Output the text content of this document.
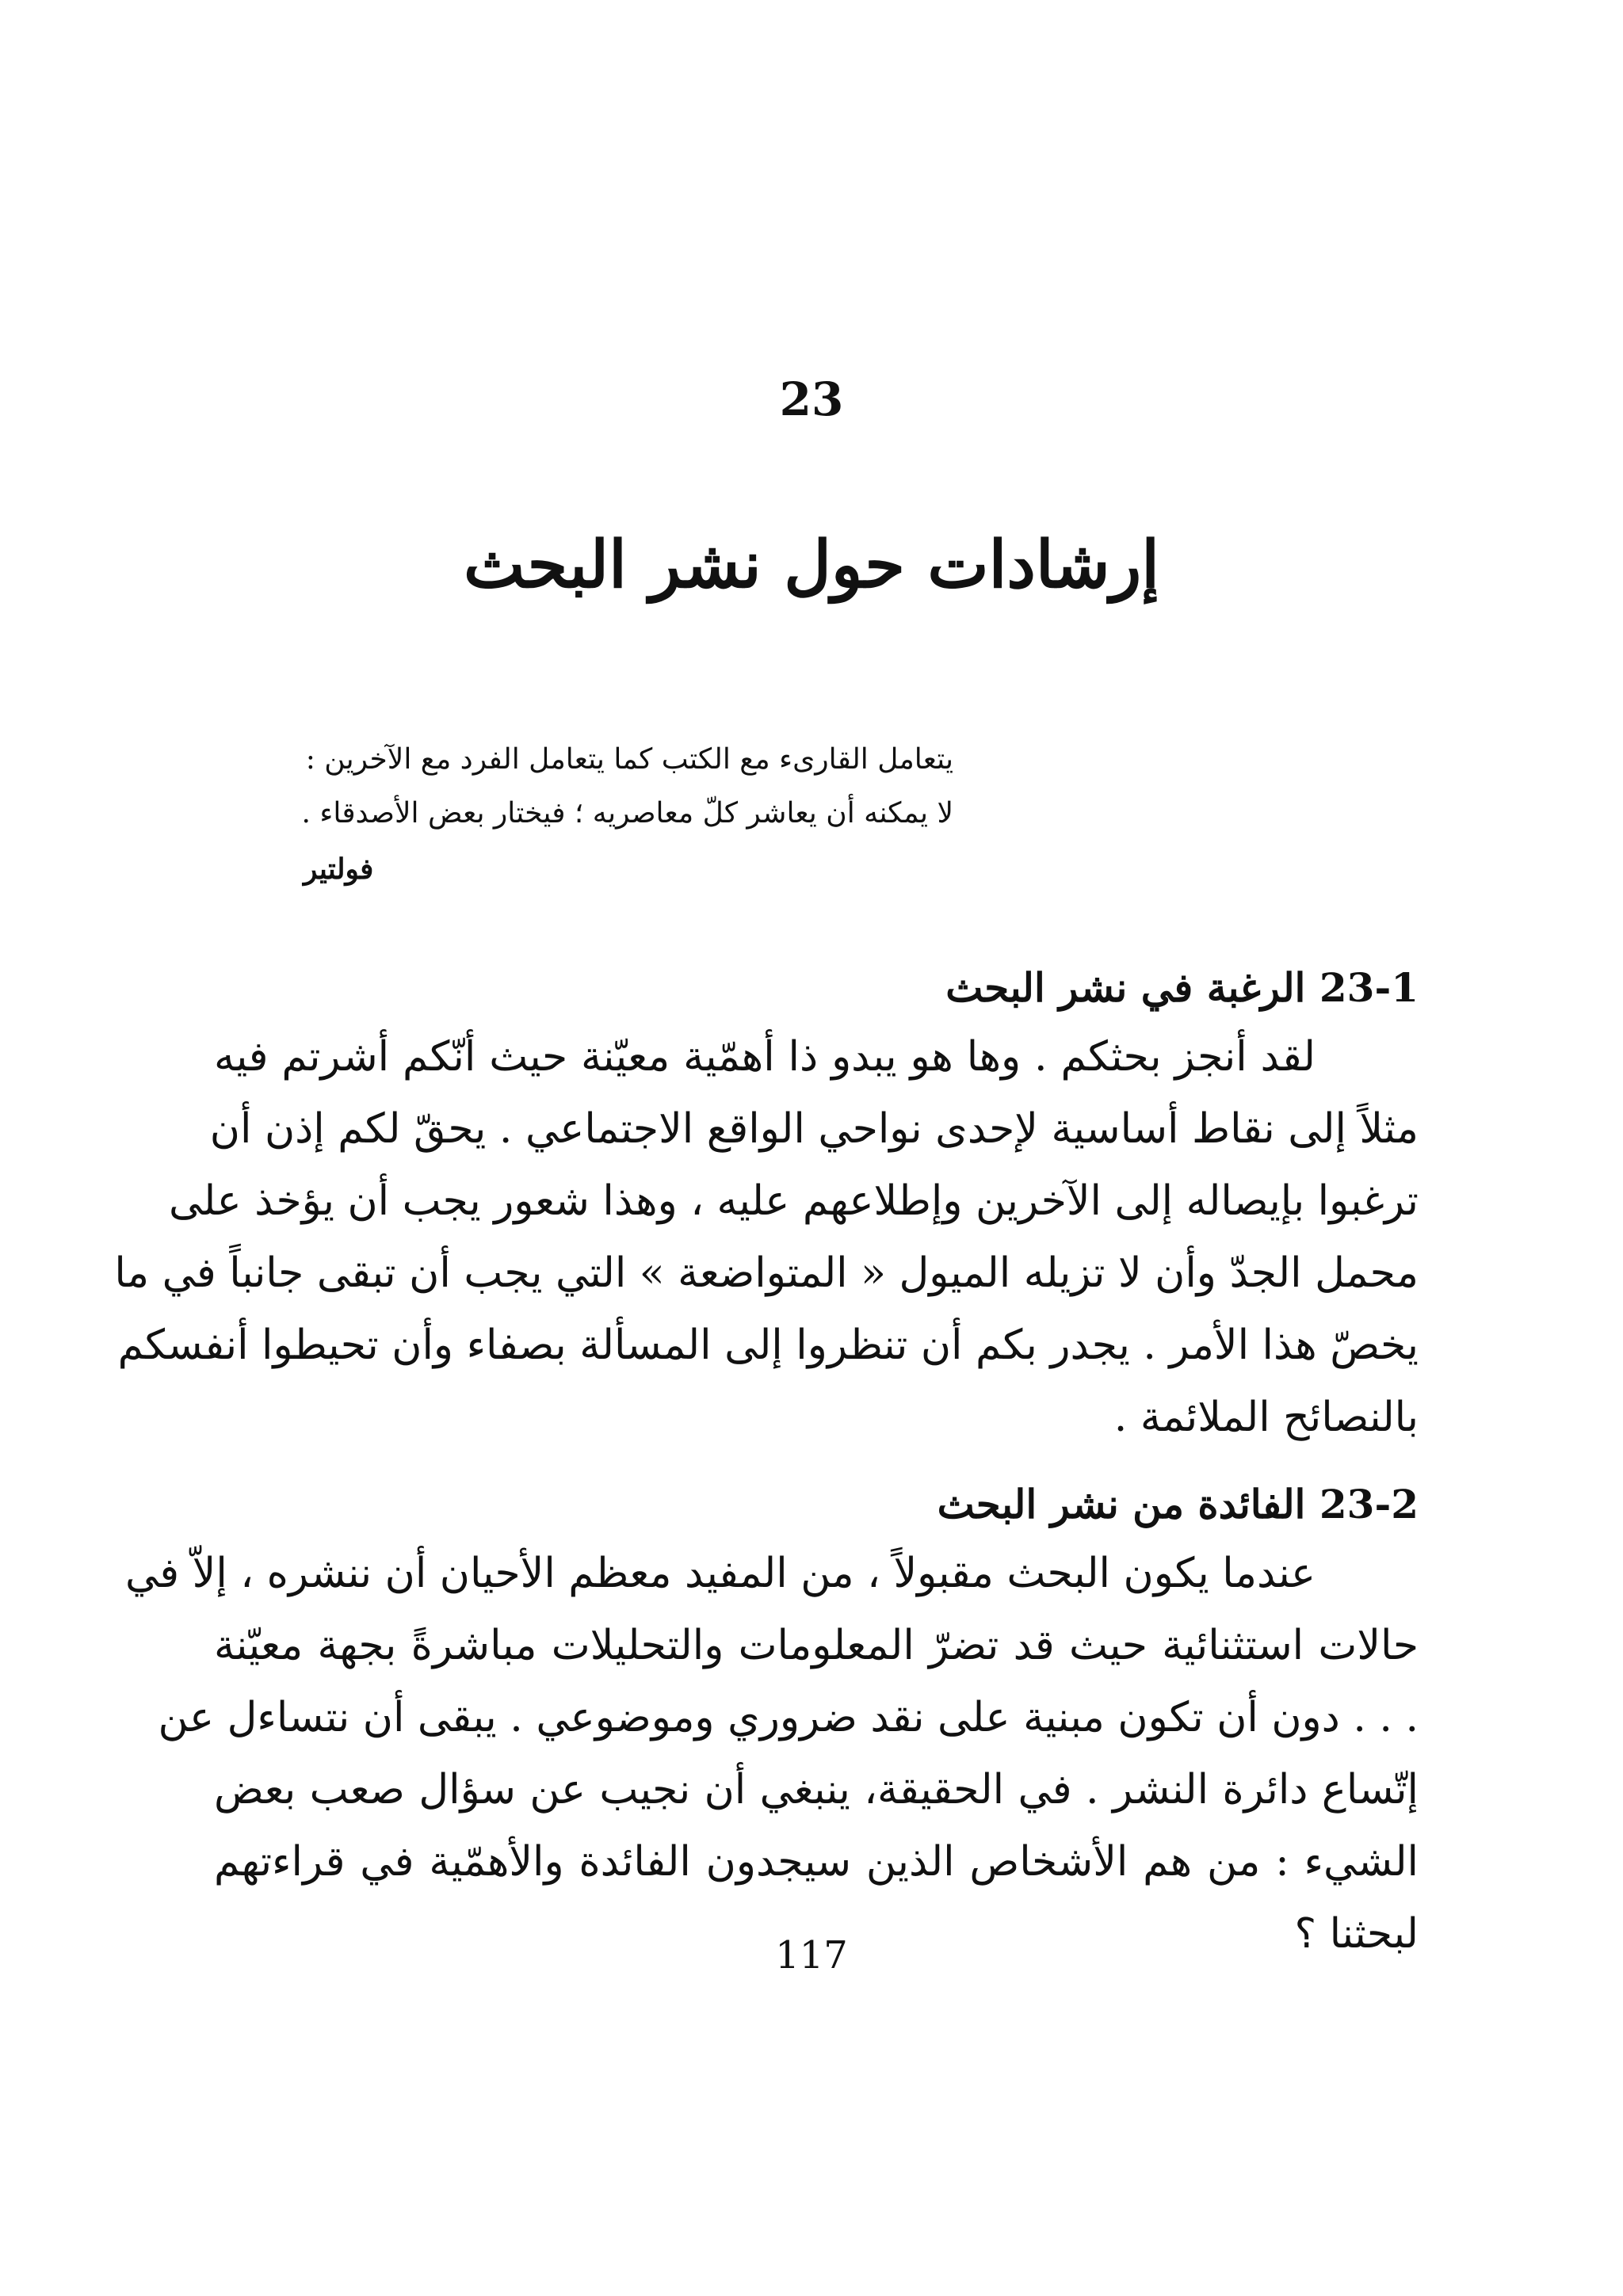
23
إرشادات حول نشر البحث
يتعامل القارىء مع الكتب كما يتعامل الفرد مع الآخرين :
لا يمكنه أن يعاشر كلّ معاصريه ؛ فيختار بعض الأصدقاء .
فولتير
23-1 الرغبة في نشر البحث
لقد أنجز بحثكم . وها هو يبدو ذا أهمّية معيّنة حيث أنّكم أشرتم فيه
مثلاً إلى نقاط أساسية لإحدى نواحي الواقع الاجتماعي . يحقّ لكم إذن أن
ترغبوا بإيصاله إلى الآخرين وإطلاعهم عليه ، وهذا شعور يجب أن يؤخذ على
محمل الجدّ وأن لا تزيله الميول « المتواضعة » التي يجب أن تبقى جانباً في ما
يخصّ هذا الأمر . يجدر بكم أن تنظروا إلى المسألة بصفاء وأن تحيطوا أنفسكم
بالنصائح الملائمة .
23-2 الفائدة من نشر البحث
عندما يكون البحث مقبولاً ، من المفيد معظم الأحيان أن ننشره ، إلاّ في
حالات استثنائية حيث قد تضرّ المعلومات والتحليلات مباشرةً بجهة معيّنة
. . . دون أن تكون مبنية على نقد ضروري وموضوعي . يبقى أن نتساءل عن
إتّساع دائرة النشر . في الحقيقة، ينبغي أن نجيب عن سؤال صعب بعض
الشيء : من هم الأشخاص الذين سيجدون الفائدة والأهمّية في قراءتهم
لبحثنا ؟
117
